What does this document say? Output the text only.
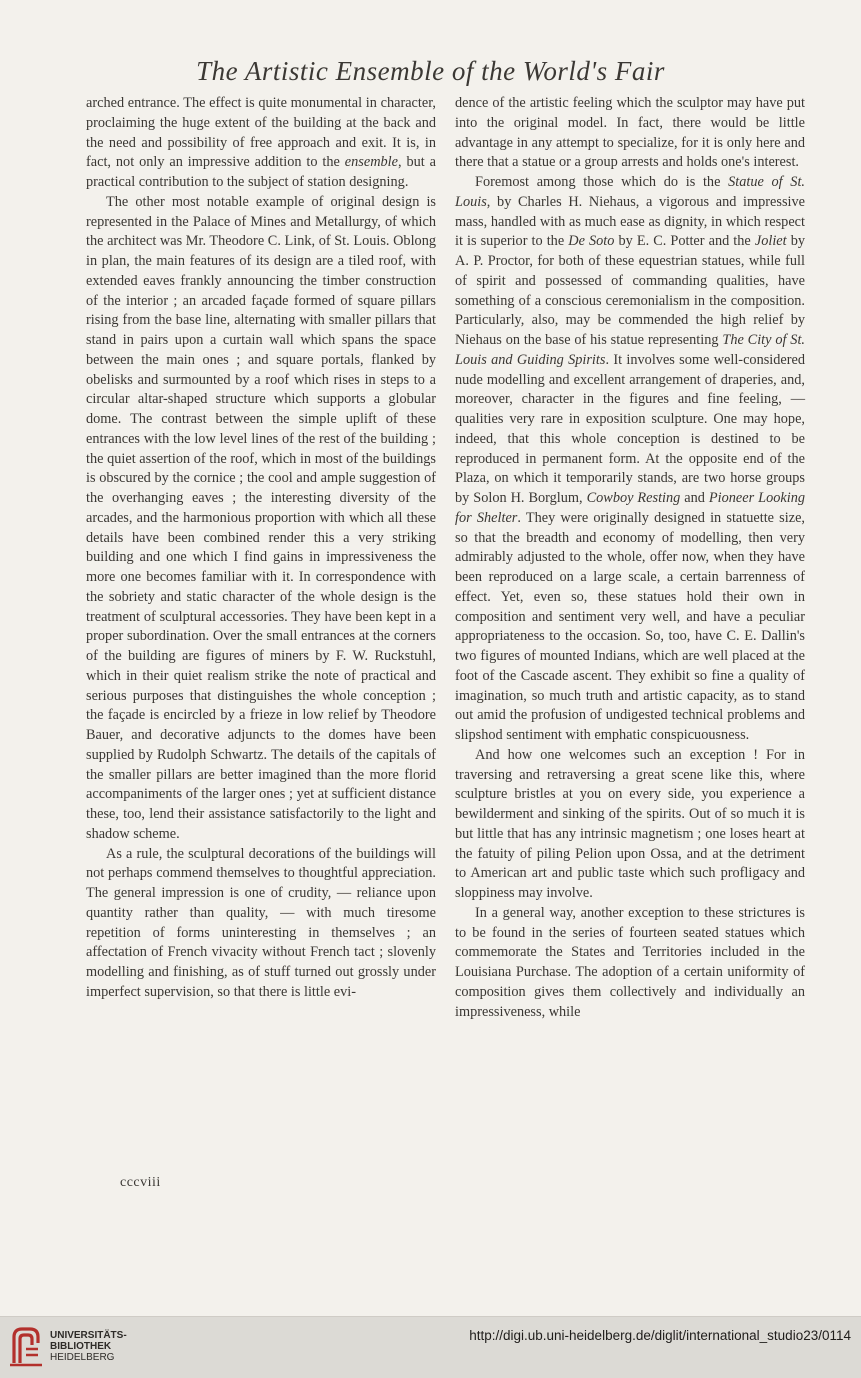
The Artistic Ensemble of the World's Fair

arched entrance. The effect is quite monumental in character, proclaiming the huge extent of the building at the back and the need and possibility of free approach and exit. It is, in fact, not only an impressive addition to the ensemble, but a practical contribution to the subject of station designing.

The other most notable example of original design is represented in the Palace of Mines and Metallurgy, of which the architect was Mr. Theodore C. Link, of St. Louis. Oblong in plan, the main features of its design are a tiled roof, with extended eaves frankly announcing the timber construction of the interior ; an arcaded façade formed of square pillars rising from the base line, alternating with smaller pillars that stand in pairs upon a curtain wall which spans the space between the main ones ; and square portals, flanked by obelisks and surmounted by a roof which rises in steps to a circular altar-shaped structure which supports a globular dome. The contrast between the simple uplift of these entrances with the low level lines of the rest of the building ; the quiet assertion of the roof, which in most of the buildings is obscured by the cornice ; the cool and ample suggestion of the overhanging eaves ; the interesting diversity of the arcades, and the harmonious proportion with which all these details have been combined render this a very striking building and one which I find gains in impressiveness the more one becomes familiar with it. In correspondence with the sobriety and static character of the whole design is the treatment of sculptural accessories. They have been kept in a proper subordination. Over the small entrances at the corners of the building are figures of miners by F. W. Ruckstuhl, which in their quiet realism strike the note of practical and serious purposes that distinguishes the whole conception ; the façade is encircled by a frieze in low relief by Theodore Bauer, and decorative adjuncts to the domes have been supplied by Rudolph Schwartz. The details of the capitals of the smaller pillars are better imagined than the more florid accompaniments of the larger ones ; yet at sufficient distance these, too, lend their assistance satisfactorily to the light and shadow scheme.

As a rule, the sculptural decorations of the buildings will not perhaps commend themselves to thoughtful appreciation. The general impression is one of crudity, — reliance upon quantity rather than quality, — with much tiresome repetition of forms uninteresting in themselves ; an affectation of French vivacity without French tact ; slovenly modelling and finishing, as of stuff turned out grossly under imperfect supervision, so that there is little evi-

dence of the artistic feeling which the sculptor may have put into the original model. In fact, there would be little advantage in any attempt to specialize, for it is only here and there that a statue or a group arrests and holds one's interest.

Foremost among those which do is the Statue of St. Louis, by Charles H. Niehaus, a vigorous and impressive mass, handled with as much ease as dignity, in which respect it is superior to the De Soto by E. C. Potter and the Joliet by A. P. Proctor, for both of these equestrian statues, while full of spirit and possessed of commanding qualities, have something of a conscious ceremonialism in the composition. Particularly, also, may be commended the high relief by Niehaus on the base of his statue representing The City of St. Louis and Guiding Spirits. It involves some well-considered nude modelling and excellent arrangement of draperies, and, moreover, character in the figures and fine feeling, — qualities very rare in exposition sculpture. One may hope, indeed, that this whole conception is destined to be reproduced in permanent form. At the opposite end of the Plaza, on which it temporarily stands, are two horse groups by Solon H. Borglum, Cowboy Resting and Pioneer Looking for Shelter. They were originally designed in statuette size, so that the breadth and economy of modelling, then very admirably adjusted to the whole, offer now, when they have been reproduced on a large scale, a certain barrenness of effect. Yet, even so, these statues hold their own in composition and sentiment very well, and have a peculiar appropriateness to the occasion. So, too, have C. E. Dallin's two figures of mounted Indians, which are well placed at the foot of the Cascade ascent. They exhibit so fine a quality of imagination, so much truth and artistic capacity, as to stand out amid the profusion of undigested technical problems and slipshod sentiment with emphatic conspicuousness.

And how one welcomes such an exception ! For in traversing and retraversing a great scene like this, where sculpture bristles at you on every side, you experience a bewilderment and sinking of the spirits. Out of so much it is but little that has any intrinsic magnetism ; one loses heart at the fatuity of piling Pelion upon Ossa, and at the detriment to American art and public taste which such profligacy and sloppiness may involve.

In a general way, another exception to these strictures is to be found in the series of fourteen seated statues which commemorate the States and Territories included in the Louisiana Purchase. The adoption of a certain uniformity of composition gives them collectively and individually an impressiveness, while

cccviii
UNIVERSITÄTS-
BIBLIOTHEK
HEIDELBERG
http://digi.ub.uni-heidelberg.de/diglit/international_studio23/0114
